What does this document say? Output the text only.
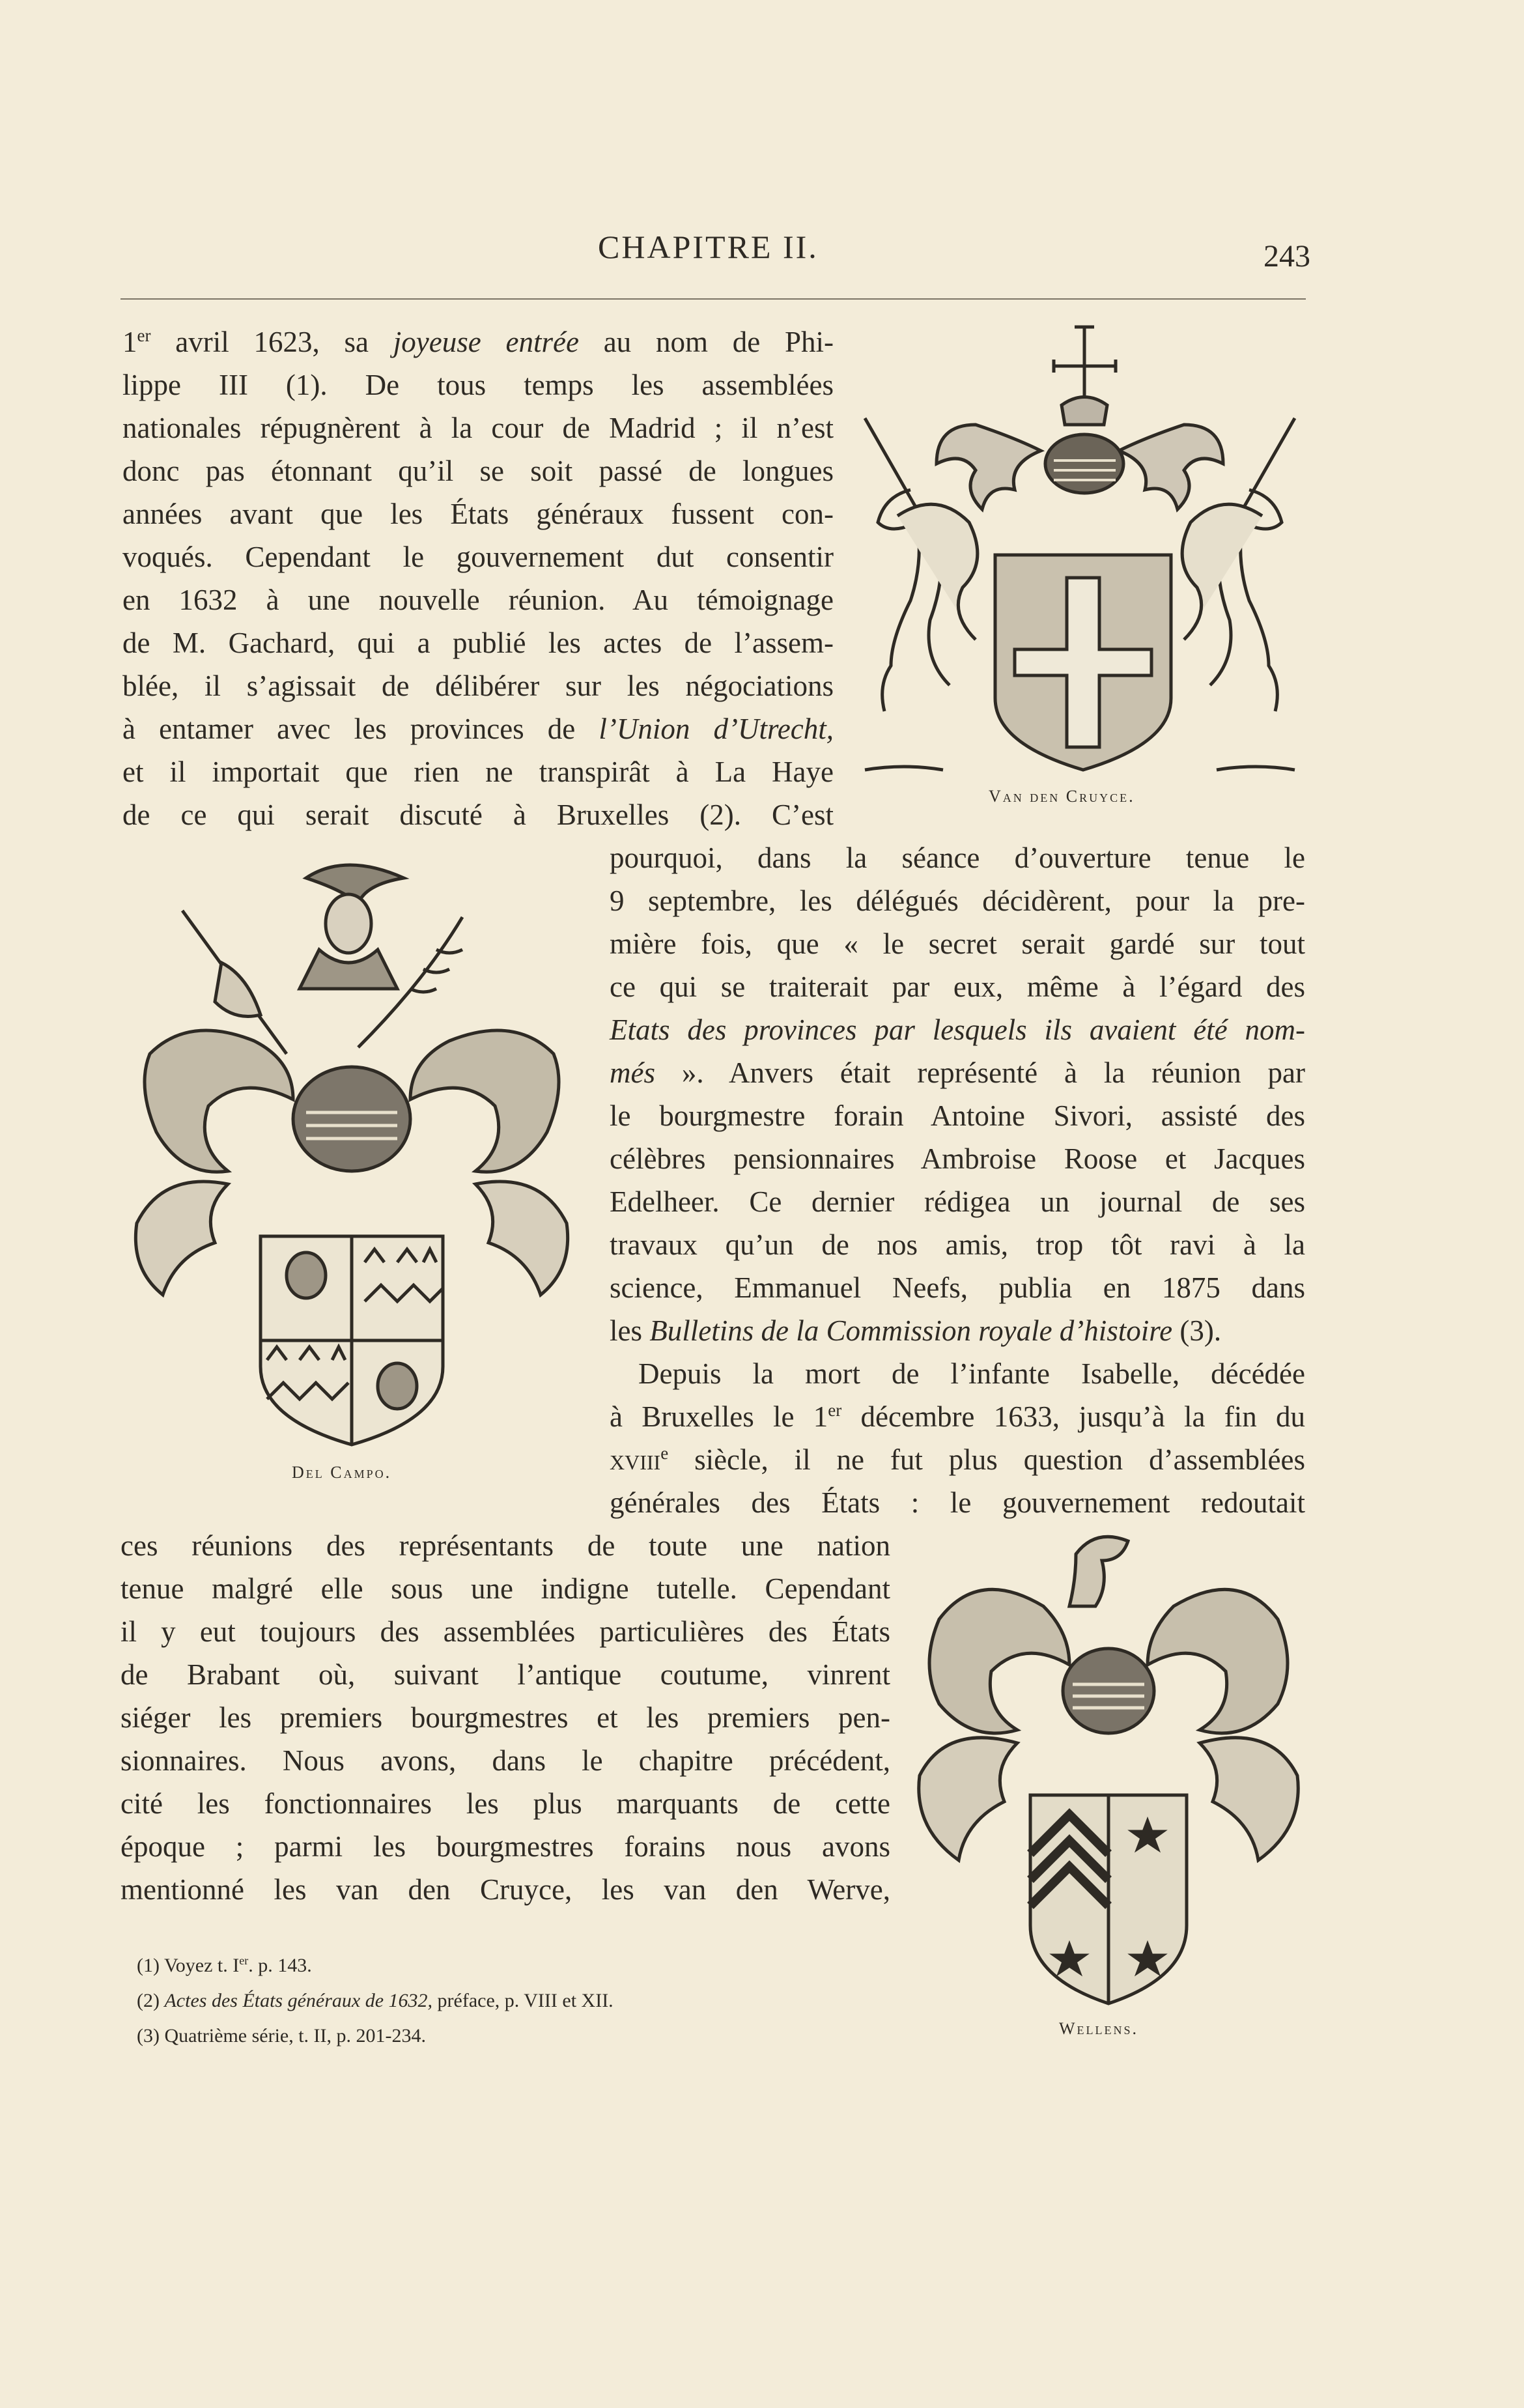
CHAPITRE II.	243
Van den Cruyce.
Del Campo.
Wellens.
1er avril 1623, sa joyeuse entrée au nom de Phi-
lippe III (1). De tous temps les assemblées
nationales répugnèrent à la cour de Madrid ; il n’est
donc pas étonnant qu’il se soit passé de longues
années avant que les États généraux fussent con-
voqués. Cependant le gouvernement dut consentir
en 1632 à une nouvelle réunion. Au témoignage
de M. Gachard, qui a publié les actes de l’assem-
blée, il s’agissait de délibérer sur les négociations
à entamer avec les provinces de l’Union d’Utrecht,
et il importait que rien ne transpirât à La Haye
de ce qui serait discuté à Bruxelles (2). C’est
pourquoi, dans la séance d’ouverture tenue le
9 septembre, les délégués décidèrent, pour la pre-
mière fois, que « le secret serait gardé sur tout
ce qui se traiterait par eux, même à l’égard des
Etats des provinces par lesquels ils avaient été nom-
més ». Anvers était représenté à la réunion par
le bourgmestre forain Antoine Sivori, assisté des
célèbres pensionnaires Ambroise Roose et Jacques
Edelheer. Ce dernier rédigea un journal de ses
travaux qu’un de nos amis, trop tôt ravi à la
science, Emmanuel Neefs, publia en 1875 dans
les Bulletins de la Commission royale d’histoire (3).
Depuis la mort de l’infante Isabelle, décédée
à Bruxelles le 1er décembre 1633, jusqu’à la fin du
xviii$^e$ siècle, il ne fut plus question d’assemblées
générales des États : le gouvernement redoutait
ces réunions des représentants de toute une nation
tenue malgré elle sous une indigne tutelle. Cependant
il y eut toujours des assemblées particulières des États
de Brabant où, suivant l’antique coutume, vinrent
siéger les premiers bourgmestres et les premiers pen-
sionnaires. Nous avons, dans le chapitre précédent,
cité les fonctionnaires les plus marquants de cette
époque ; parmi les bourgmestres forains nous avons
mentionné les van den Cruyce, les van den Werve,
(1) Voyez t. Ier. p. 143.
(2) Actes des États généraux de 1632, préface, p. VIII et XII.
(3) Quatrième série, t. II, p. 201-234.
